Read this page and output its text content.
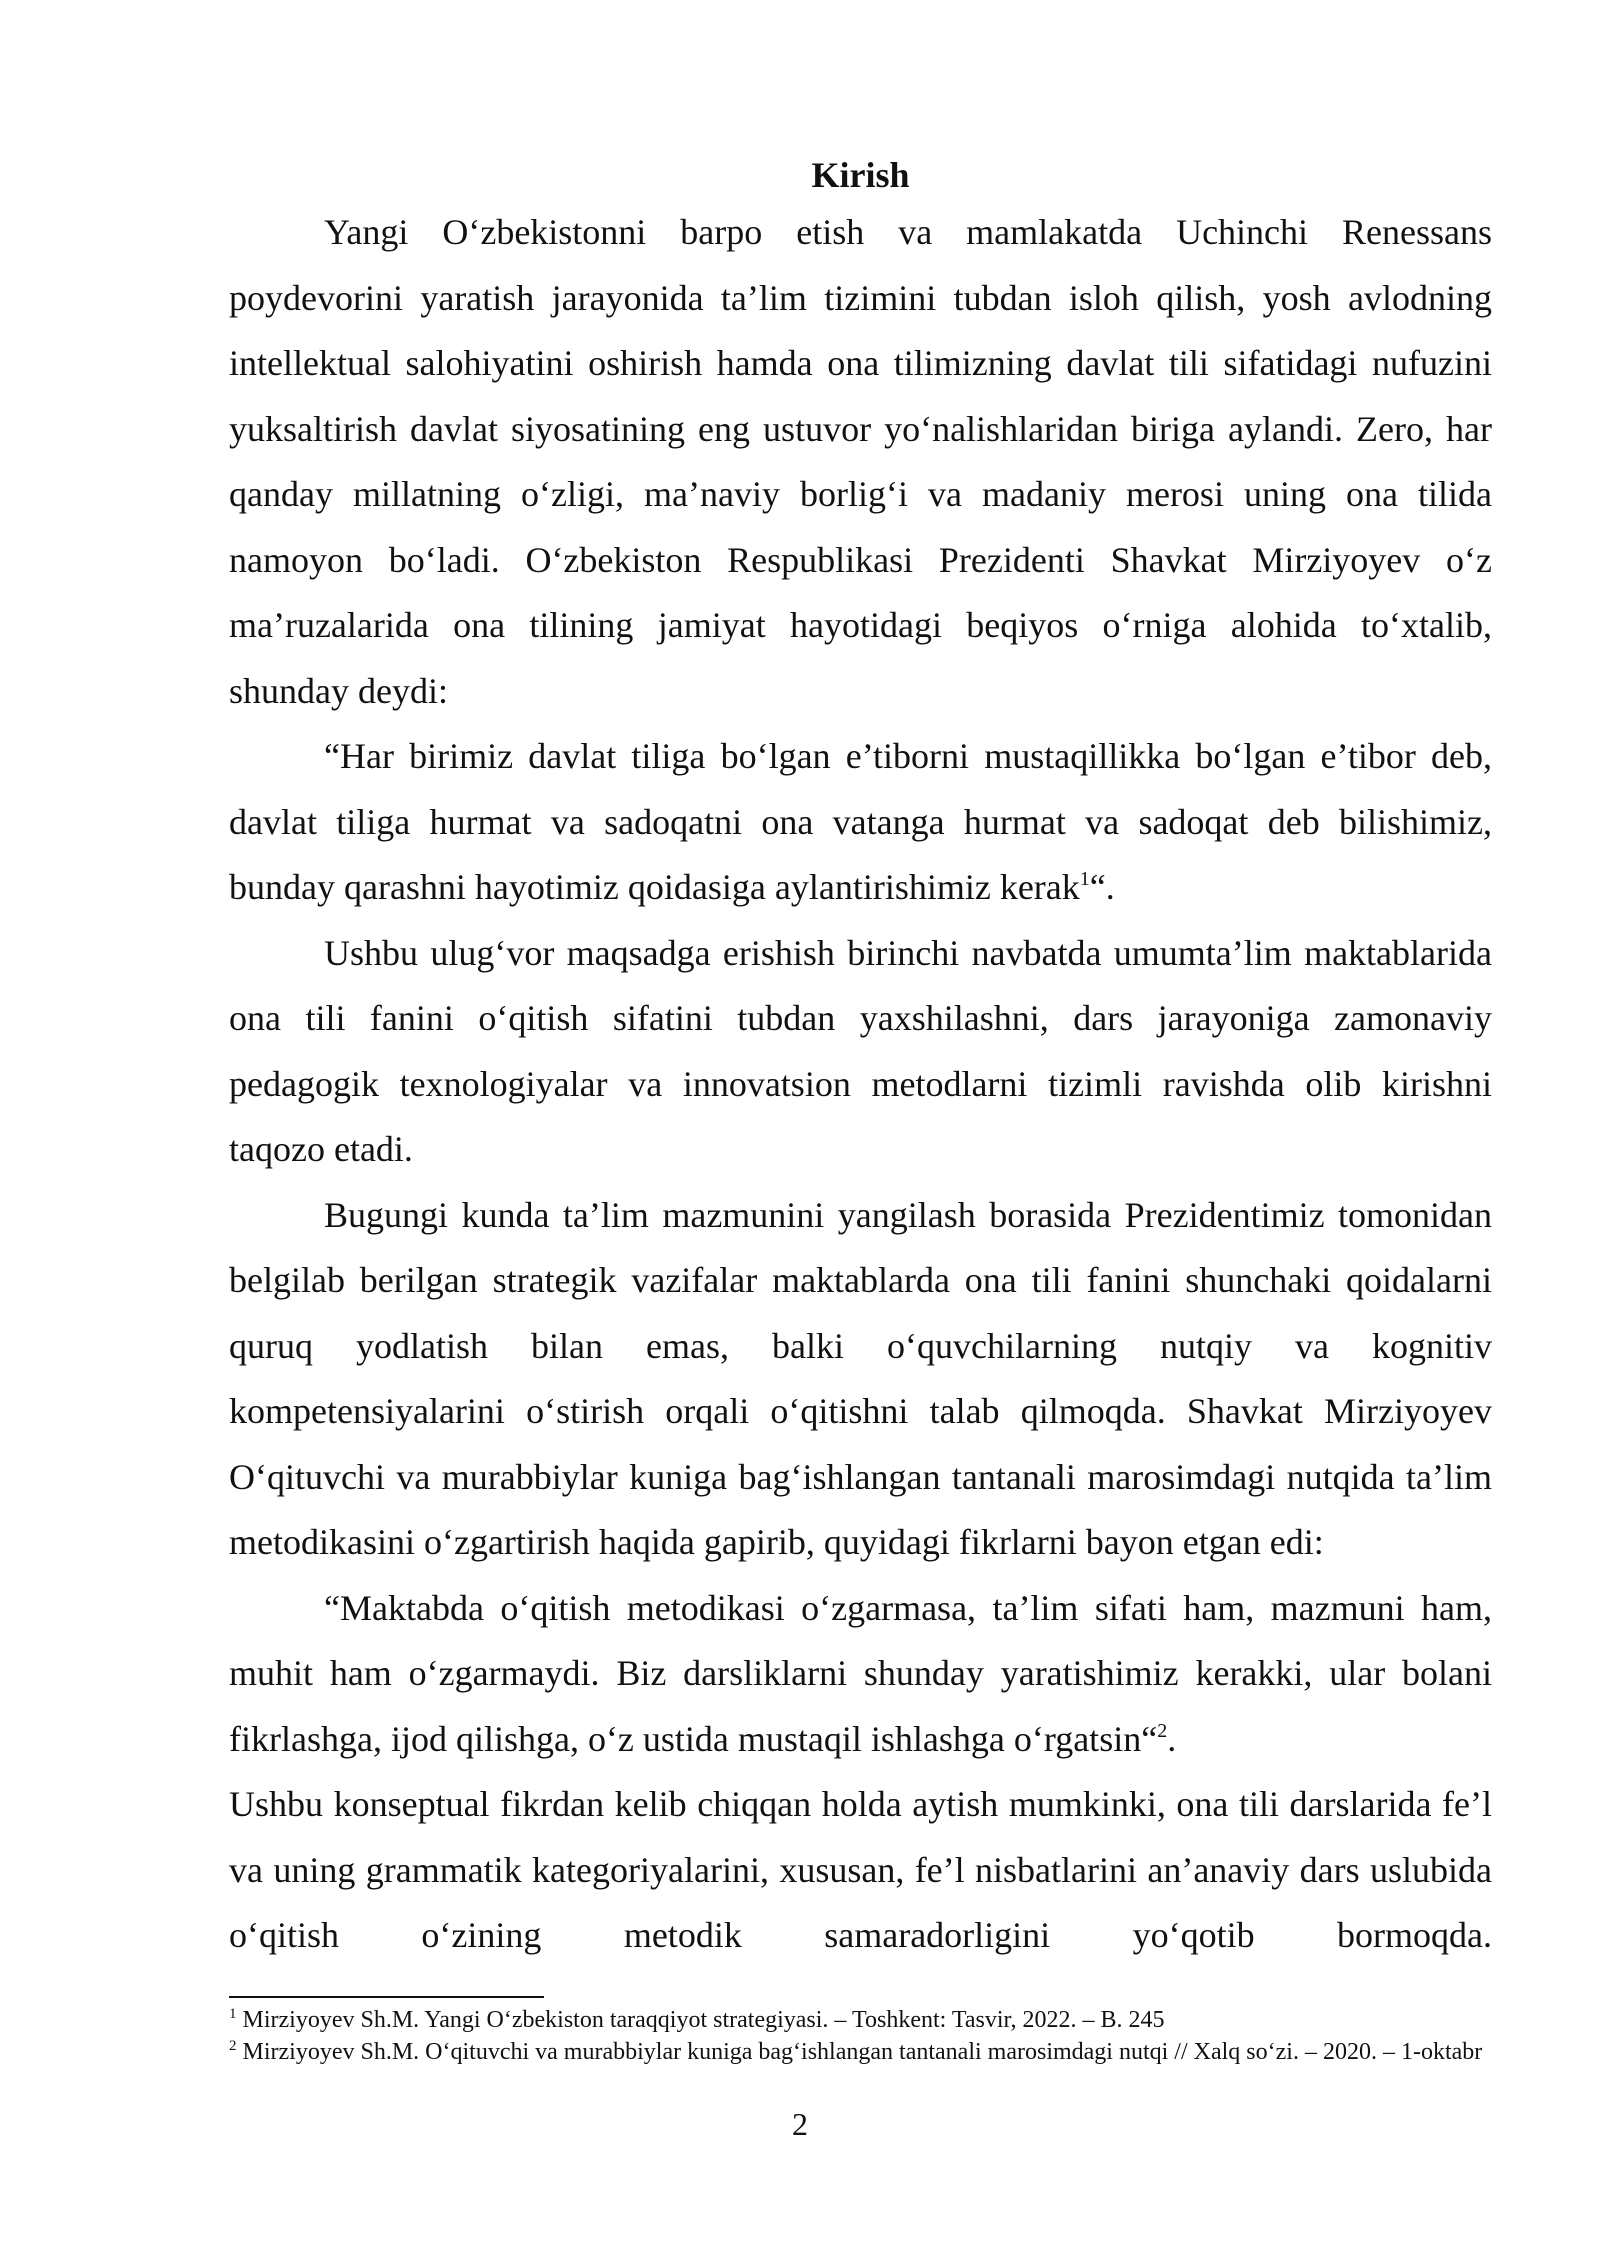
Kirish

Yangi O‘zbekistonni barpo etish va mamlakatda Uchinchi Renessans poydevorini yaratish jarayonida ta’lim tizimini tubdan isloh qilish, yosh avlodning intellektual salohiyatini oshirish hamda ona tilimizning davlat tili sifatidagi nufuzini yuksaltirish davlat siyosatining eng ustuvor yo‘nalishlaridan biriga aylandi. Zero, har qanday millatning o‘zligi, ma’naviy borlig‘i va madaniy merosi uning ona tilida namoyon bo‘ladi. O‘zbekiston Respublikasi Prezidenti Shavkat Mirziyoyev o‘z ma’ruzalarida ona tilining jamiyat hayotidagi beqiyos o‘rniga alohida to‘xtalib, shunday deydi:

“Har birimiz davlat tiliga bo‘lgan e’tiborni mustaqillikka bo‘lgan e’tibor deb, davlat tiliga hurmat va sadoqatni ona vatanga hurmat va sadoqat deb bilishimiz, bunday qarashni hayotimiz qoidasiga aylantirishimiz kerak$^1$“.

Ushbu ulug‘vor maqsadga erishish birinchi navbatda umumta’lim maktablarida ona tili fanini o‘qitish sifatini tubdan yaxshilashni, dars jarayoniga zamonaviy pedagogik texnologiyalar va innovatsion metodlarni tizimli ravishda olib kirishni taqozo etadi.

Bugungi kunda ta’lim mazmunini yangilash borasida Prezidentimiz tomonidan belgilab berilgan strategik vazifalar maktablarda ona tili fanini shunchaki qoidalarni quruq yodlatish bilan emas, balki o‘quvchilarning nutqiy va kognitiv kompetensiyalarini o‘stirish orqali o‘qitishni talab qilmoqda. Shavkat Mirziyoyev O‘qituvchi va murabbiylar kuniga bag‘ishlangan tantanali marosimdagi nutqida ta’lim metodikasini o‘zgartirish haqida gapirib, quyidagi fikrlarni bayon etgan edi:

“Maktabda o‘qitish metodikasi o‘zgarmasa, ta’lim sifati ham, mazmuni ham, muhit ham o‘zgarmaydi. Biz darsliklarni shunday yaratishimiz kerakki, ular bolani fikrlashga, ijod qilishga, o‘z ustida mustaqil ishlashga o‘rgatsin“$^2$.

Ushbu konseptual fikrdan kelib chiqqan holda aytish mumkinki, ona tili darslarida fe’l va uning grammatik kategoriyalarini, xususan, fe’l nisbatlarini an’anaviy dars uslubida o‘qitish o‘zining metodik samaradorligini yo‘qotib bormoqda.

$^1$ Mirziyoyev Sh.M. Yangi O‘zbekiston taraqqiyot strategiyasi. – Toshkent: Tasvir, 2022. – B. 245

$^2$ Mirziyoyev Sh.M. O‘qituvchi va murabbiylar kuniga bag‘ishlangan tantanali marosimdagi nutqi // Xalq so‘zi. – 2020. – 1-oktabr

2
